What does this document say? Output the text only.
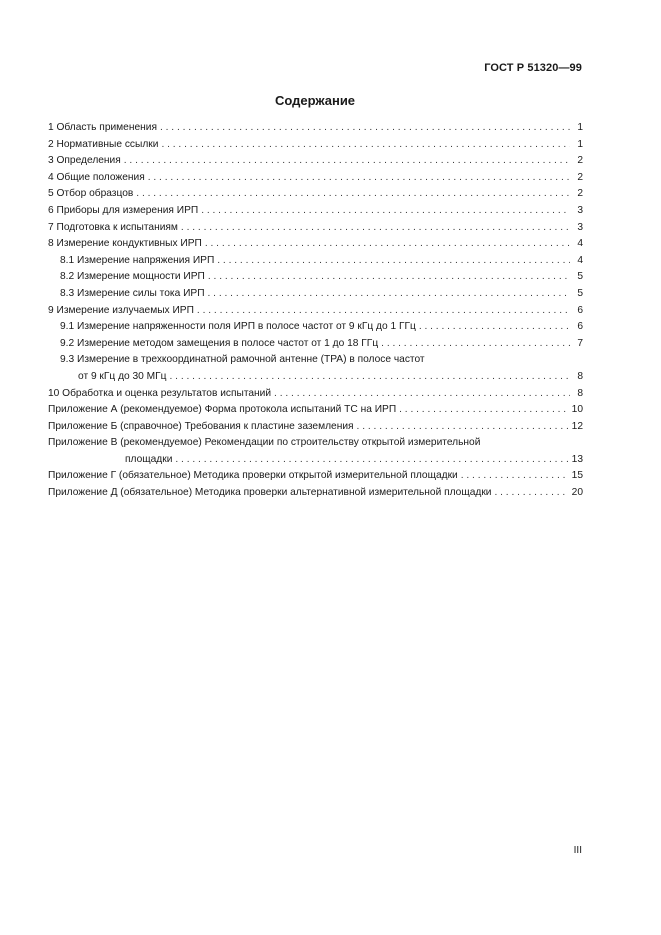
ГОСТ Р 51320—99
Содержание
1 Область применения . . .	1
2 Нормативные ссылки . . .	1
3 Определения . . .	2
4 Общие положения . . .	2
5 Отбор образцов . . .	2
6 Приборы для измерения ИРП . . .	3
7 Подготовка к испытаниям . . .	3
8 Измерение кондуктивных ИРП . . .	4
8.1 Измерение напряжения ИРП . . .	4
8.2 Измерение мощности ИРП . . .	5
8.3 Измерение силы тока ИРП . . .	5
9 Измерение излучаемых ИРП . . .	6
9.1 Измерение напряженности поля ИРП в полосе частот от 9 кГц до 1 ГГц . . .	6
9.2 Измерение методом замещения в полосе частот от 1 до 18 ГГц . . .	7
9.3 Измерение в трехкоординатной рамочной антенне (ТРА) в полосе частот
от 9 кГц до 30 МГц . . .	8
10 Обработка и оценка результатов испытаний . . .	8
Приложение А (рекомендуемое) Форма протокола испытаний ТС на ИРП . . .	10
Приложение Б (справочное) Требования к пластине заземления . . .	12
Приложение В (рекомендуемое) Рекомендации по строительству открытой измерительной
площадки . . .	13
Приложение Г (обязательное) Методика проверки открытой измерительной площадки . . .	15
Приложение Д (обязательное) Методика проверки альтернативной измерительной площадки . . .	20
III
